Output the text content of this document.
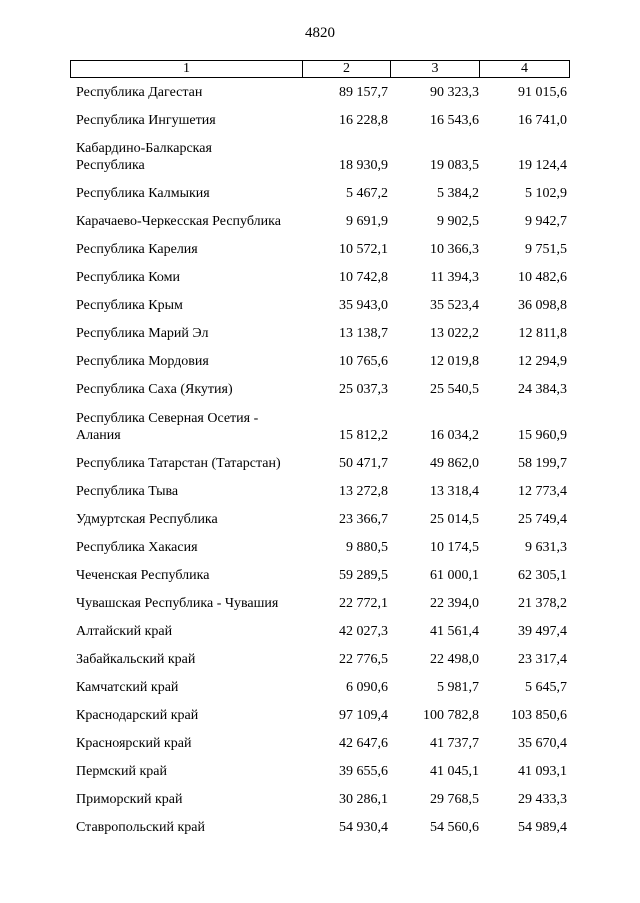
4820
1	2	3	4
Республика Дагестан	89 157,7	90 323,3	91 015,6
Республика Ингушетия	16 228,8	16 543,6	16 741,0
Кабардино-Балкарская
Республика	18 930,9	19 083,5	19 124,4
Республика Калмыкия	5 467,2	5 384,2	5 102,9
Карачаево-Черкесская Республика	9 691,9	9 902,5	9 942,7
Республика Карелия	10 572,1	10 366,3	9 751,5
Республика Коми	10 742,8	11 394,3	10 482,6
Республика Крым	35 943,0	35 523,4	36 098,8
Республика Марий Эл	13 138,7	13 022,2	12 811,8
Республика Мордовия	10 765,6	12 019,8	12 294,9
Республика Саха (Якутия)	25 037,3	25 540,5	24 384,3
Республика Северная Осетия -
Алания	15 812,2	16 034,2	15 960,9
Республика Татарстан (Татарстан)	50 471,7	49 862,0	58 199,7
Республика Тыва	13 272,8	13 318,4	12 773,4
Удмуртская Республика	23 366,7	25 014,5	25 749,4
Республика Хакасия	9 880,5	10 174,5	9 631,3
Чеченская Республика	59 289,5	61 000,1	62 305,1
Чувашская Республика - Чувашия	22 772,1	22 394,0	21 378,2
Алтайский край	42 027,3	41 561,4	39 497,4
Забайкальский край	22 776,5	22 498,0	23 317,4
Камчатский край	6 090,6	5 981,7	5 645,7
Краснодарский край	97 109,4	100 782,8	103 850,6
Красноярский край	42 647,6	41 737,7	35 670,4
Пермский край	39 655,6	41 045,1	41 093,1
Приморский край	30 286,1	29 768,5	29 433,3
Ставропольский край	54 930,4	54 560,6	54 989,4
